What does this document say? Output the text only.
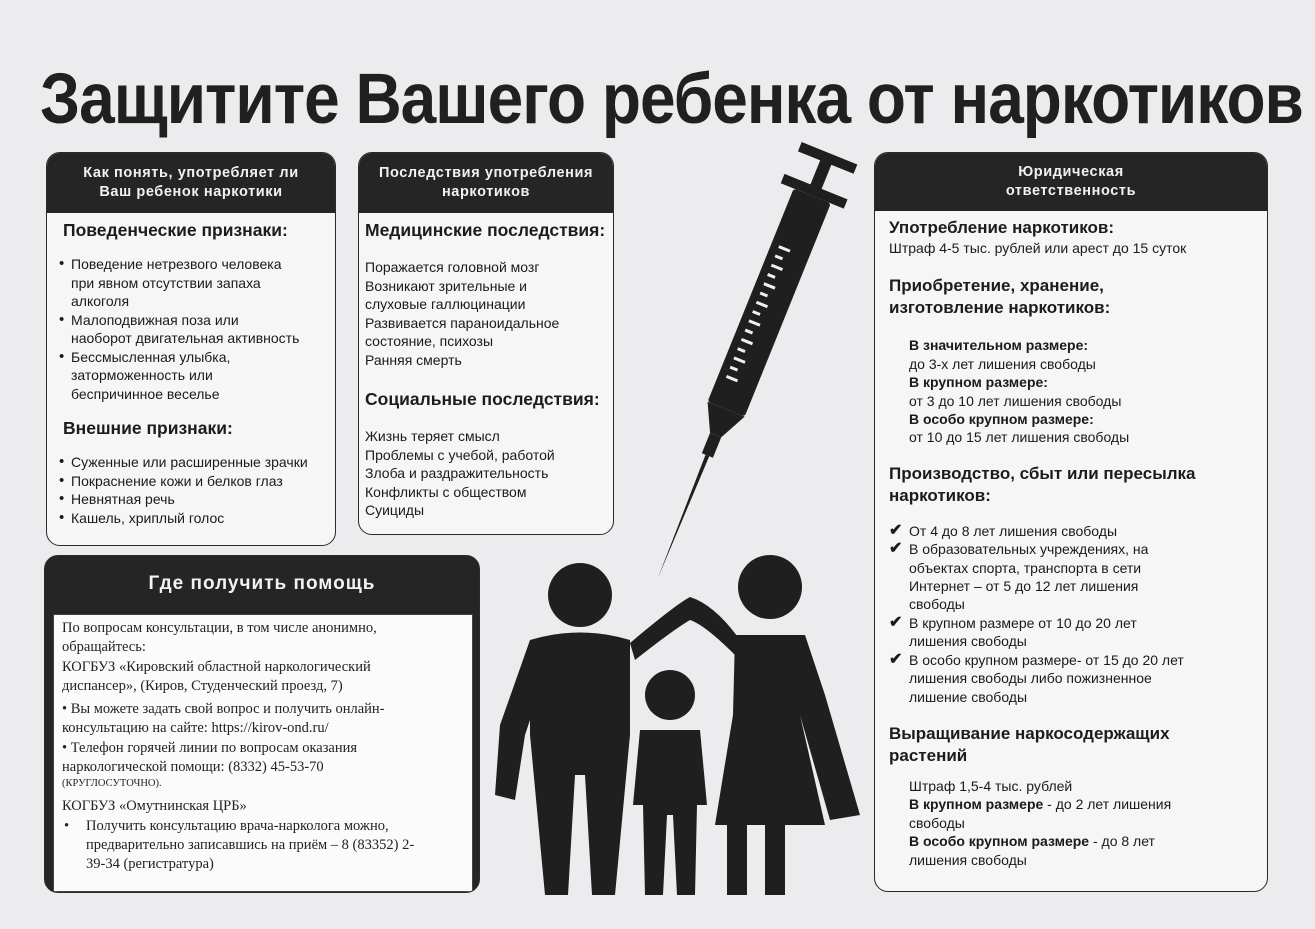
Защитите Вашего ребенка от наркотиков
Как понять, употребляет ли
Ваш ребенок наркотики
Поведенческие признаки:
• Поведение нетрезвого человека
при явном отсутствии запаха
алкоголя
• Малоподвижная поза или
наоборот двигательная активность
• Бессмысленная улыбка,
заторможенность или
беспричинное веселье
Внешние признаки:
• Суженные или расширенные зрачки
• Покраснение кожи и белков глаз
• Невнятная речь
• Кашель, хриплый голос
Последствия употребления
наркотиков
Медицинские последствия:
Поражается головной мозг
Возникают зрительные и
слуховые галлюцинации
Развивается параноидальное
состояние, психозы
Ранняя смерть
Социальные последствия:
Жизнь теряет смысл
Проблемы с учебой, работой
Злоба и раздражительность
Конфликты с обществом
Суициды
Юридическая
ответственность
Употребление наркотиков:
Штраф 4-5 тыс. рублей или арест до 15 суток
Приобретение, хранение,
изготовление наркотиков:
В значительном размере:
до 3-х лет лишения свободы
В крупном размере:
от 3 до 10 лет лишения свободы
В особо крупном размере:
от 10 до 15 лет лишения свободы
Производство, сбыт или пересылка
наркотиков:
✔ От 4 до 8 лет лишения свободы
✔ В образовательных учреждениях, на
объектах спорта, транспорта в сети
Интернет – от 5 до 12 лет лишения
свободы
✔ В крупном размере от 10 до 20 лет
лишения свободы
✔ В особо крупном размере- от 15 до 20 лет
лишения свободы либо пожизненное
лишение свободы
Выращивание наркосодержащих
растений
Штраф 1,5-4 тыс. рублей
В крупном размере - до 2 лет лишения
свободы
В особо крупном размере - до 8 лет
лишения свободы
Где получить помощь
По вопросам консультации, в том числе анонимно,
обращайтесь:
КОГБУЗ «Кировский областной наркологический
диспансер», (Киров, Студенческий проезд, 7)
• Вы можете задать свой вопрос и получить онлайн-
консультацию на сайте: https://kirov-ond.ru/
• Телефон горячей линии по вопросам оказания
наркологической помощи: (8332) 45-53-70
(КРУГЛОСУТОЧНО).
КОГБУЗ «Омутнинская ЦРБ»
• Получить консультацию врача-нарколога можно,
предварительно записавшись на приём – 8 (83352) 2-
39-34 (регистратура)
